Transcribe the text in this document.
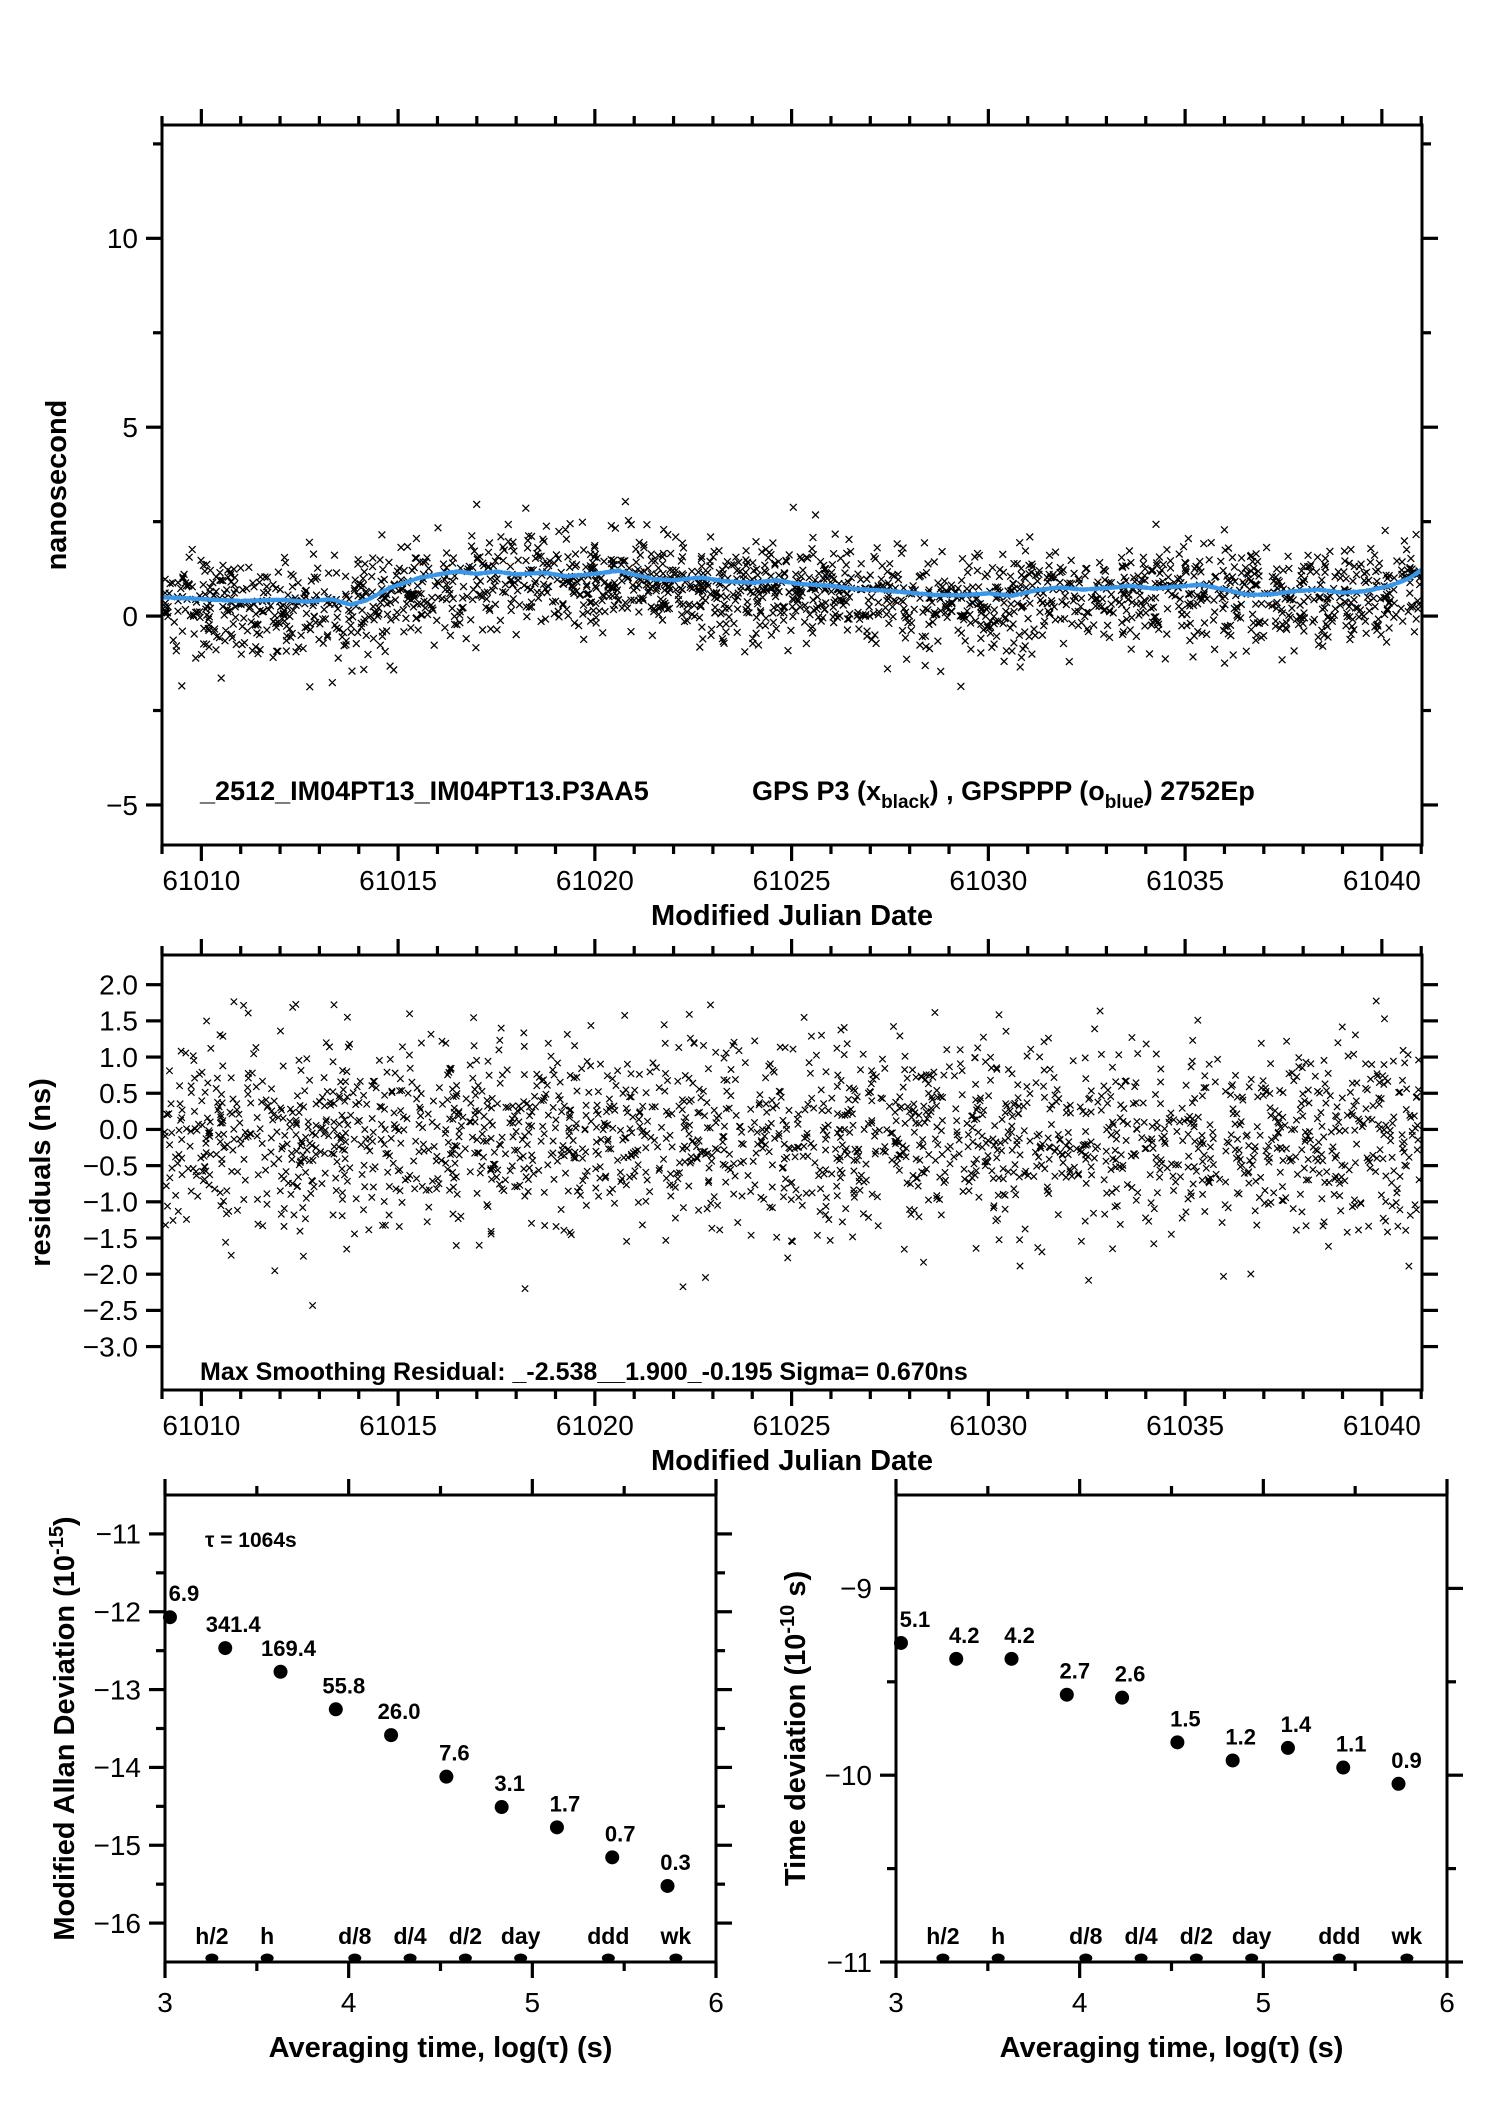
61010	61015	61020	61025	61030	61035	61040
−5
0
5
10
Modified Julian Date
nanosecond
_2512_IM04PT13_IM04PT13.P3AA5	GPS P3 $(x_{black})$ , GPSPPP $(o_{blue})$ 2752Ep
61010	61015	61020	61025	61030	61035	61040
2.0
1.5
1.0
0.5
0.0
−0.5
−1.0
−1.5
−2.0
−2.5
−3.0
Modified Julian Date
residuals (ns)
Max Smoothing Residual: _-2.538__1.900_-0.195 Sigma= 0.670ns
3	4	5	6
−11
−12
−13
−14
−15
−16
Averaging time, log(τ) (s)
Modified Allan Deviation $(10^{-15})$
h/2 h	d/8 d/4 d/2 day ddd wk
6.9
341.4
169.4
55.8
26.0
7.6
3.1
1.7
0.7
0.3
τ = 1064s
3	4	5	6
−9
−10
−11
Averaging time, log(τ) (s)
Time deviation ($10^{-10}$ s)
h/2 h	d/8 d/4 d/2 day ddd wk
5.1
4.2 4.2
2.7 2.6
1.5
1.2
1.4
1.1
0.9
